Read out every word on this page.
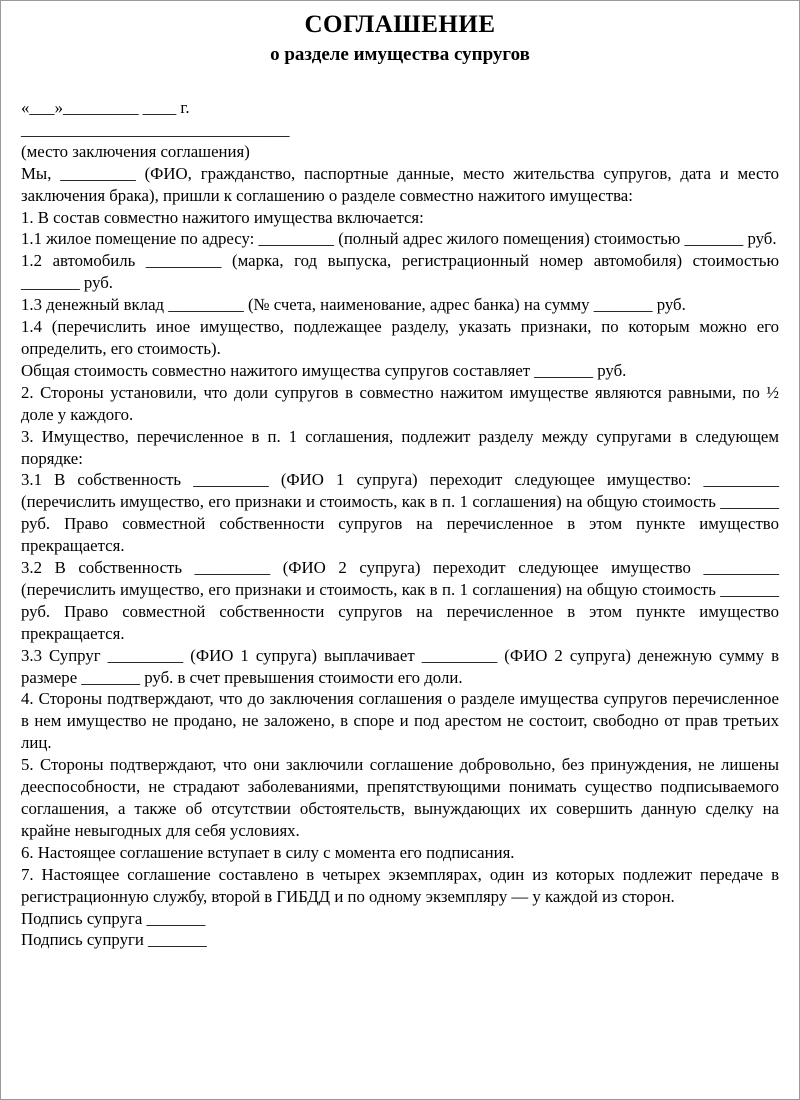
СОГЛАШЕНИЕ
о разделе имущества супругов

«___»_________ ____ г.

________________________________

(место заключения соглашения)

Мы, _________ (ФИО, гражданство, паспортные данные, место жительства супругов, дата и место заключения брака), пришли к соглашению о разделе совместно нажитого имущества:

1. В состав совместно нажитого имущества включается:

1.1 жилое помещение по адресу: _________ (полный адрес жилого помещения) стоимостью _______ руб.

1.2 автомобиль _________ (марка, год выпуска, регистрационный номер автомобиля) стоимостью _______ руб.

1.3 денежный вклад _________ (№ счета, наименование, адрес банка) на сумму _______ руб.

1.4 (перечислить иное имущество, подлежащее разделу, указать признаки, по которым можно его определить, его стоимость).

Общая стоимость совместно нажитого имущества супругов составляет _______ руб.

2. Стороны установили, что доли супругов в совместно нажитом имуществе являются равными, по ½ доле у каждого.

3. Имущество, перечисленное в п. 1 соглашения, подлежит разделу между супругами в следующем порядке:

3.1 В собственность _________ (ФИО 1 супруга) переходит следующее имущество: _________ (перечислить имущество, его признаки и стоимость, как в п. 1 соглашения) на общую стоимость _______ руб. Право совместной собственности супругов на перечисленное в этом пункте имущество прекращается.

3.2 В собственность _________ (ФИО 2 супруга) переходит следующее имущество _________ (перечислить имущество, его признаки и стоимость, как в п. 1 соглашения) на общую стоимость _______ руб. Право совместной собственности супругов на перечисленное в этом пункте имущество прекращается.

3.3 Супруг _________ (ФИО 1 супруга) выплачивает _________ (ФИО 2 супруга) денежную сумму в размере _______ руб. в счет превышения стоимости его доли.

4. Стороны подтверждают, что до заключения соглашения о разделе имущества супругов перечисленное в нем имущество не продано, не заложено, в споре и под арестом не состоит, свободно от прав третьих лиц.

5. Стороны подтверждают, что они заключили соглашение добровольно, без принуждения, не лишены дееспособности, не страдают заболеваниями, препятствующими понимать существо подписываемого соглашения, а также об отсутствии обстоятельств, вынуждающих их совершить данную сделку на крайне невыгодных для себя условиях.

6. Настоящее соглашение вступает в силу с момента его подписания.

7. Настоящее соглашение составлено в четырех экземплярах, один из которых подлежит передаче в регистрационную службу, второй в ГИБДД и по одному экземпляру — у каждой из сторон.

Подпись супруга _______

Подпись супруги _______
